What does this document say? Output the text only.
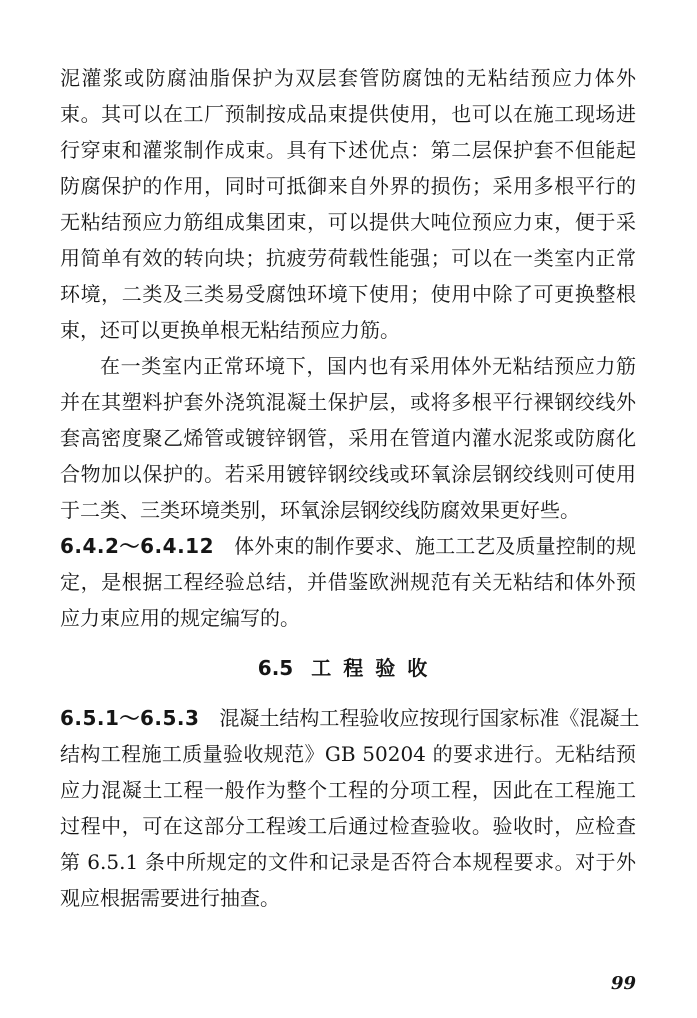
泥灌浆或防腐油脂保护为双层套管防腐蚀的无粘结预应力体外
束。其可以在工厂预制按成品束提供使用，也可以在施工现场进
行穿束和灌浆制作成束。具有下述优点：第二层保护套不但能起
防腐保护的作用，同时可抵御来自外界的损伤；采用多根平行的
无粘结预应力筋组成集团束，可以提供大吨位预应力束，便于采
用简单有效的转向块；抗疲劳荷载性能强；可以在一类室内正常
环境，二类及三类易受腐蚀环境下使用；使用中除了可更换整根
束，还可以更换单根无粘结预应力筋。
在一类室内正常环境下，国内也有采用体外无粘结预应力筋
并在其塑料护套外浇筑混凝土保护层，或将多根平行裸钢绞线外
套高密度聚乙烯管或镀锌钢管，采用在管道内灌水泥浆或防腐化
合物加以保护的。若采用镀锌钢绞线或环氧涂层钢绞线则可使用
于二类、三类环境类别，环氧涂层钢绞线防腐效果更好些。
6.4.2～6.4.12 体外束的制作要求、施工工艺及质量控制的规
定，是根据工程经验总结，并借鉴欧洲规范有关无粘结和体外预
应力束应用的规定编写的。
6.5 工程验收
6.5.1～6.5.3 混凝土结构工程验收应按现行国家标准《混凝土
结构工程施工质量验收规范》GB 50204 的要求进行。无粘结预
应力混凝土工程一般作为整个工程的分项工程，因此在工程施工
过程中，可在这部分工程竣工后通过检查验收。验收时，应检查
第 6.5.1 条中所规定的文件和记录是否符合本规程要求。对于外
观应根据需要进行抽查。
99
